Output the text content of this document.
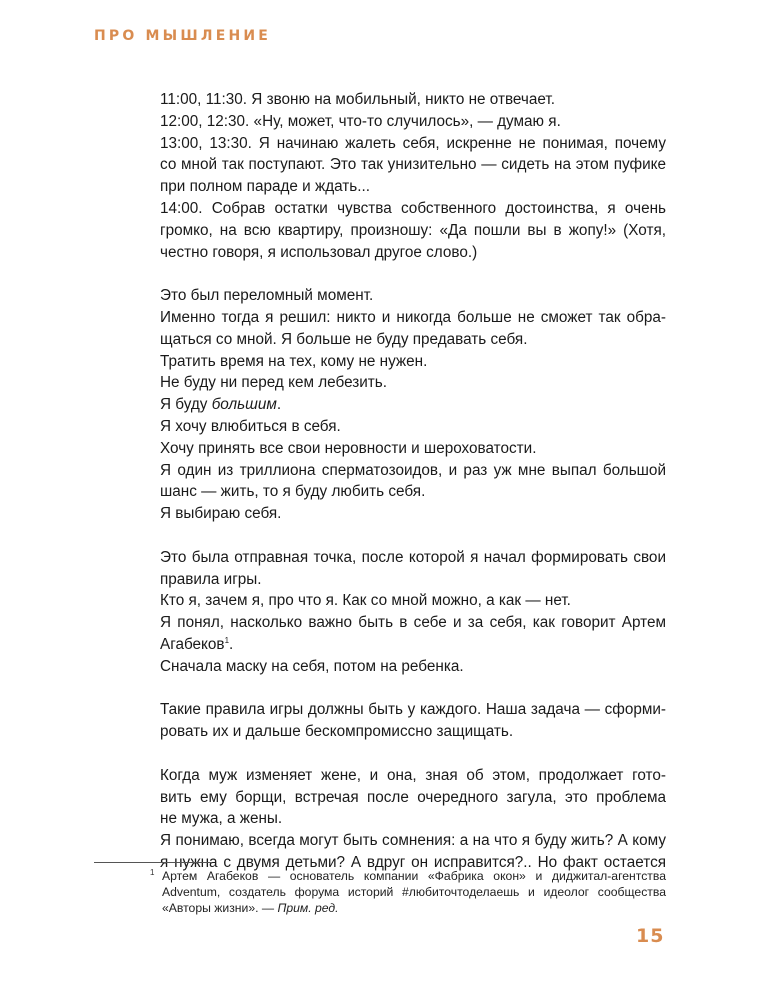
ПРО МЫШЛЕНИЕ
11:00, 11:30. Я звоню на мобильный, никто не отвечает.
12:00, 12:30. «Ну, может, что-то случилось», — думаю я.
13:00, 13:30. Я начинаю жалеть себя, искренне не понимая, почему
со мной так поступают. Это так унизительно — сидеть на этом пуфике
при полном параде и ждать...
14:00. Собрав остатки чувства собственного достоинства, я очень
громко, на всю квартиру, произношу: «Да пошли вы в жопу!» (Хотя,
честно говоря, я использовал другое слово.)
Это был переломный момент.
Именно тогда я решил: никто и никогда больше не сможет так обра-
щаться со мной. Я больше не буду предавать себя.
Тратить время на тех, кому не нужен.
Не буду ни перед кем лебезить.
Я буду большим.
Я хочу влюбиться в себя.
Хочу принять все свои неровности и шероховатости.
Я один из триллиона сперматозоидов, и раз уж мне выпал большой
шанс — жить, то я буду любить себя.
Я выбираю себя.
Это была отправная точка, после которой я начал формировать свои
правила игры.
Кто я, зачем я, про что я. Как со мной можно, а как — нет.
Я понял, насколько важно быть в себе и за себя, как говорит Артем
Агабеков$^1$.
Сначала маску на себя, потом на ребенка.
Такие правила игры должны быть у каждого. Наша задача — сформи-
ровать их и дальше бескомпромиссно защищать.
Когда муж изменяет жене, и она, зная об этом, продолжает гото-
вить ему борщи, встречая после очередного загула, это проблема
не мужа, а жены.
Я понимаю, всегда могут быть сомнения: а на что я буду жить? А кому
я нужна с двумя детьми? А вдруг он исправится?.. Но факт остается
1 Артем Агабеков — основатель компании «Фабрика окон» и диджитал-агентства Adventum, создатель форума историй #любиточтоделаешь и идеолог сообщества «Авторы жизни». — Прим. ред.
15
